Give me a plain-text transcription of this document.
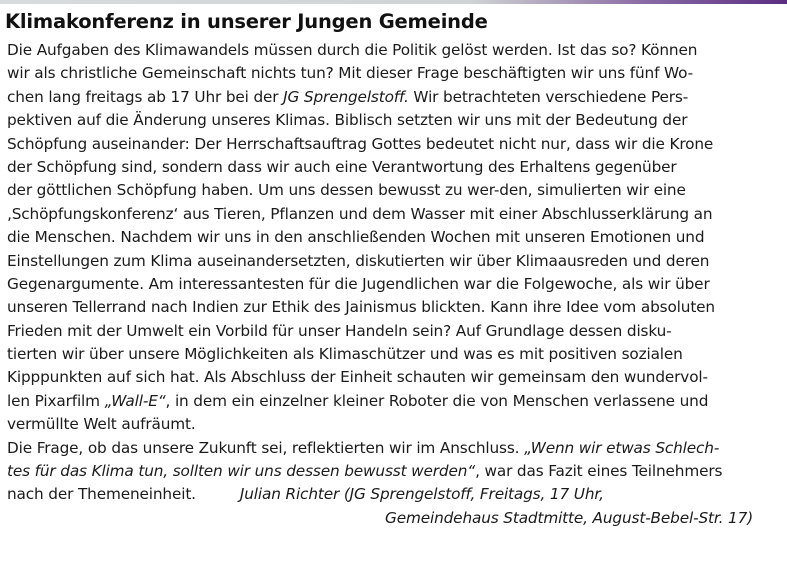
Klimakonferenz in unserer Jungen Gemeinde
Die Aufgaben des Klimawandels müssen durch die Politik gelöst werden. Ist das so? Können
wir als christliche Gemeinschaft nichts tun? Mit dieser Frage beschäftigten wir uns fünf Wo-
chen lang freitags ab 17 Uhr bei der JG Sprengelstoff. Wir betrachteten verschiedene Pers-
pektiven auf die Änderung unseres Klimas. Biblisch setzten wir uns mit der Bedeutung der
Schöpfung auseinander: Der Herrschaftsauftrag Gottes bedeutet nicht nur, dass wir die Krone
der Schöpfung sind, sondern dass wir auch eine Verantwortung des Erhaltens gegenüber
der göttlichen Schöpfung haben. Um uns dessen bewusst zu wer-den, simulierten wir eine
‚Schöpfungskonferenz‘ aus Tieren, Pflanzen und dem Wasser mit einer Abschlusserklärung an
die Menschen. Nachdem wir uns in den anschließenden Wochen mit unseren Emotionen und
Einstellungen zum Klima auseinandersetzten, diskutierten wir über Klimaausreden und deren
Gegenargumente. Am interessantesten für die Jugendlichen war die Folgewoche, als wir über
unseren Tellerrand nach Indien zur Ethik des Jainismus blickten. Kann ihre Idee vom absoluten
Frieden mit der Umwelt ein Vorbild für unser Handeln sein? Auf Grundlage dessen disku-
tierten wir über unsere Möglichkeiten als Klimaschützer und was es mit positiven sozialen
Kipppunkten auf sich hat. Als Abschluss der Einheit schauten wir gemeinsam den wundervol-
len Pixarfilm „Wall-E“, in dem ein einzelner kleiner Roboter die von Menschen verlassene und
vermüllte Welt aufräumt.
Die Frage, ob das unsere Zukunft sei, reflektierten wir im Anschluss. „Wenn wir etwas Schlech-
tes für das Klima tun, sollten wir uns dessen bewusst werden“, war das Fazit eines Teilnehmers
nach der Themeneinheit.	Julian Richter (JG Sprengelstoff, Freitags, 17 Uhr,
Gemeindehaus Stadtmitte, August-Bebel-Str. 17)
